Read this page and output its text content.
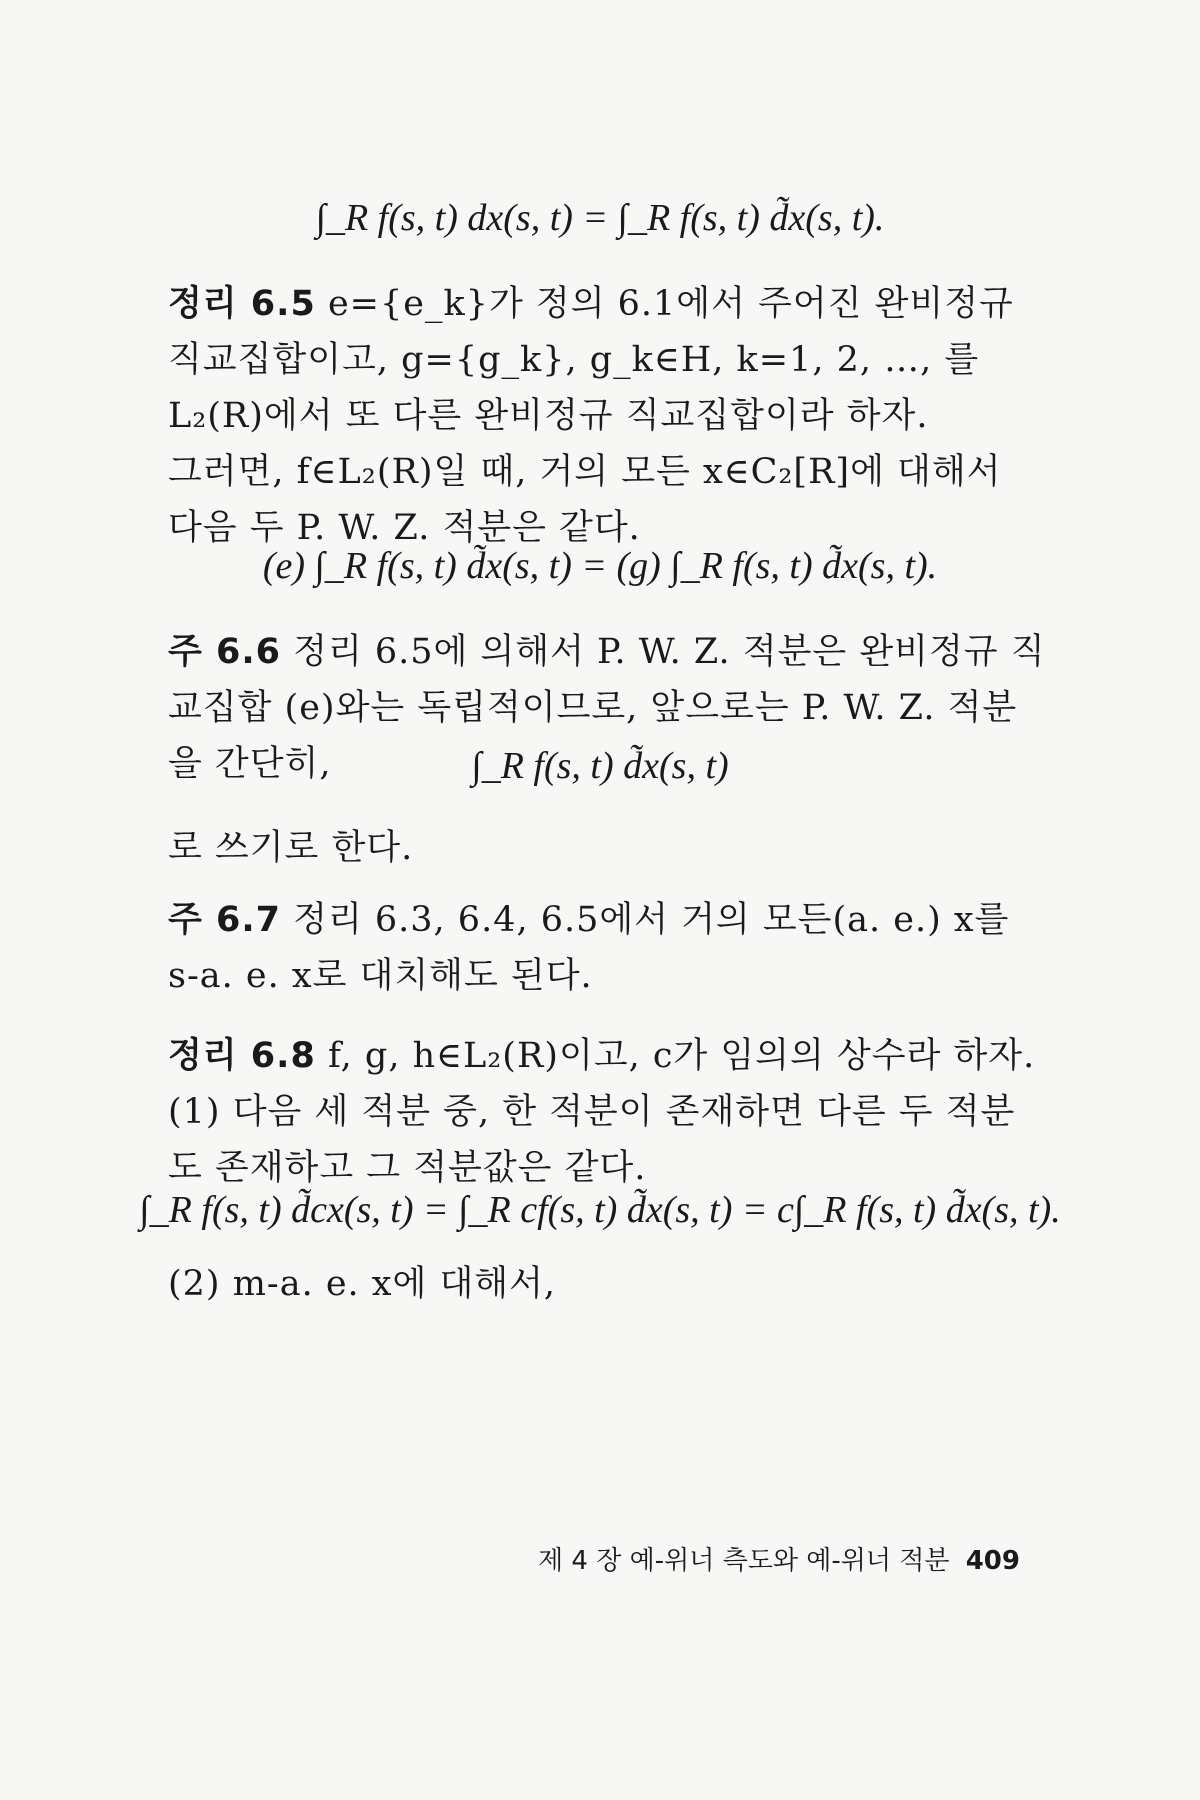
∫_R f(s, t) dx(s, t) = ∫_R f(s, t) d̃x(s, t).
정리 6.5 e={e_k}가 정의 6.1에서 주어진 완비정규 직교집합이고, g={g_k}, g_k∈H, k=1, 2, …, 를 L₂(R)에서 또 다른 완비정규 직교집합이라 하자.
그러면, f∈L₂(R)일 때, 거의 모든 x∈C₂[R]에 대해서 다음 두 P. W. Z. 적분은 같다.
(e) ∫_R f(s, t) d̃x(s, t) = (g) ∫_R f(s, t) d̃x(s, t).
주 6.6 정리 6.5에 의해서 P. W. Z. 적분은 완비정규 직교집합 (e)와는 독립적이므로, 앞으로는 P. W. Z. 적분을 간단히,	∫_R f(s, t) d̃x(s, t)
로 쓰기로 한다.
주 6.7 정리 6.3, 6.4, 6.5에서 거의 모든(a. e.) x를 s-a. e. x로 대치해도 된다.
정리 6.8 f, g, h∈L₂(R)이고, c가 임의의 상수라 하자.
(1) 다음 세 적분 중, 한 적분이 존재하면 다른 두 적분도 존재하고 그 적분값은 같다.
∫_R f(s, t) d̃cx(s, t) = ∫_R cf(s, t) d̃x(s, t) = c∫_R f(s, t) d̃x(s, t).
(2) m-a. e. x에 대해서,
제 4 장 예-위너 측도와 예-위너 적분 409
